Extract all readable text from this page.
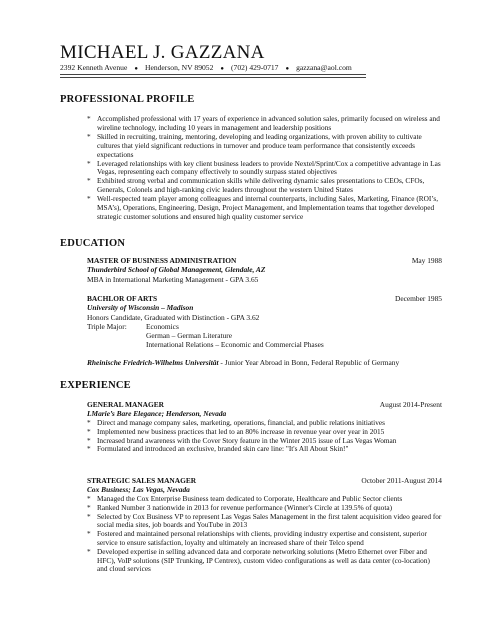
MICHAEL J. GAZZANA
2392 Kenneth Avenue ● Henderson, NV 89052 ● (702) 429-0717 ● gazzana@aol.com
PROFESSIONAL PROFILE
* Accomplished professional with 17 years of experience in advanced solution sales, primarily focused on wireless and wireline technology, including 10 years in management and leadership positions
* Skilled in recruiting, training, mentoring, developing and leading organizations, with proven ability to cultivate cultures that yield significant reductions in turnover and produce team performance that consistently exceeds expectations
* Leveraged relationships with key client business leaders to provide Nextel/Sprint/Cox a competitive advantage in Las Vegas, representing each company effectively to soundly surpass stated objectives
* Exhibited strong verbal and communication skills while delivering dynamic sales presentations to CEOs, CFOs, Generals, Colonels and high-ranking civic leaders throughout the western United States
* Well-respected team player among colleagues and internal counterparts, including Sales, Marketing, Finance (ROI’s, MSA’s), Operations, Engineering, Design, Project Management, and Implementation teams that together developed strategic customer solutions and ensured high quality customer service
EDUCATION
MASTER OF BUSINESS ADMINISTRATION	May 1988
Thunderbird School of Global Management, Glendale, AZ
MBA in International Marketing Management - GPA 3.65
BACHLOR OF ARTS	December 1985
University of Wisconsin – Madison
Honors Candidate, Graduated with Distinction - GPA 3.62
Triple Major:	Economics
German – German Literature
International Relations – Economic and Commercial Phases
Rheinische Friedrich-Wilhelms Universität - Junior Year Abroad in Bonn, Federal Republic of Germany
EXPERIENCE
GENERAL MANAGER	August 2014-Present
LMarie’s Bare Elegance; Henderson, Nevada
* Direct and manage company sales, marketing, operations, financial, and public relations initiatives
* Implemented new business practices that led to an 80% increase in revenue year over year in 2015
* Increased brand awareness with the Cover Story feature in the Winter 2015 issue of Las Vegas Woman
* Formulated and introduced an exclusive, branded skin care line: "It's All About Skin!"
STRATEGIC SALES MANAGER	October 2011-August 2014
Cox Business; Las Vegas, Nevada
* Managed the Cox Enterprise Business team dedicated to Corporate, Healthcare and Public Sector clients
* Ranked Number 3 nationwide in 2013 for revenue performance (Winner's Circle at 139.5% of quota)
* Selected by Cox Business VP to represent Las Vegas Sales Management in the first talent acquisition video geared for social media sites, job boards and YouTube in 2013
* Fostered and maintained personal relationships with clients, providing industry expertise and consistent, superior service to ensure satisfaction, loyalty and ultimately an increased share of their Telco spend
* Developed expertise in selling advanced data and corporate networking solutions (Metro Ethernet over Fiber and HFC), VoIP solutions (SIP Trunking, IP Centrex), custom video configurations as well as data center (co-location) and cloud services
